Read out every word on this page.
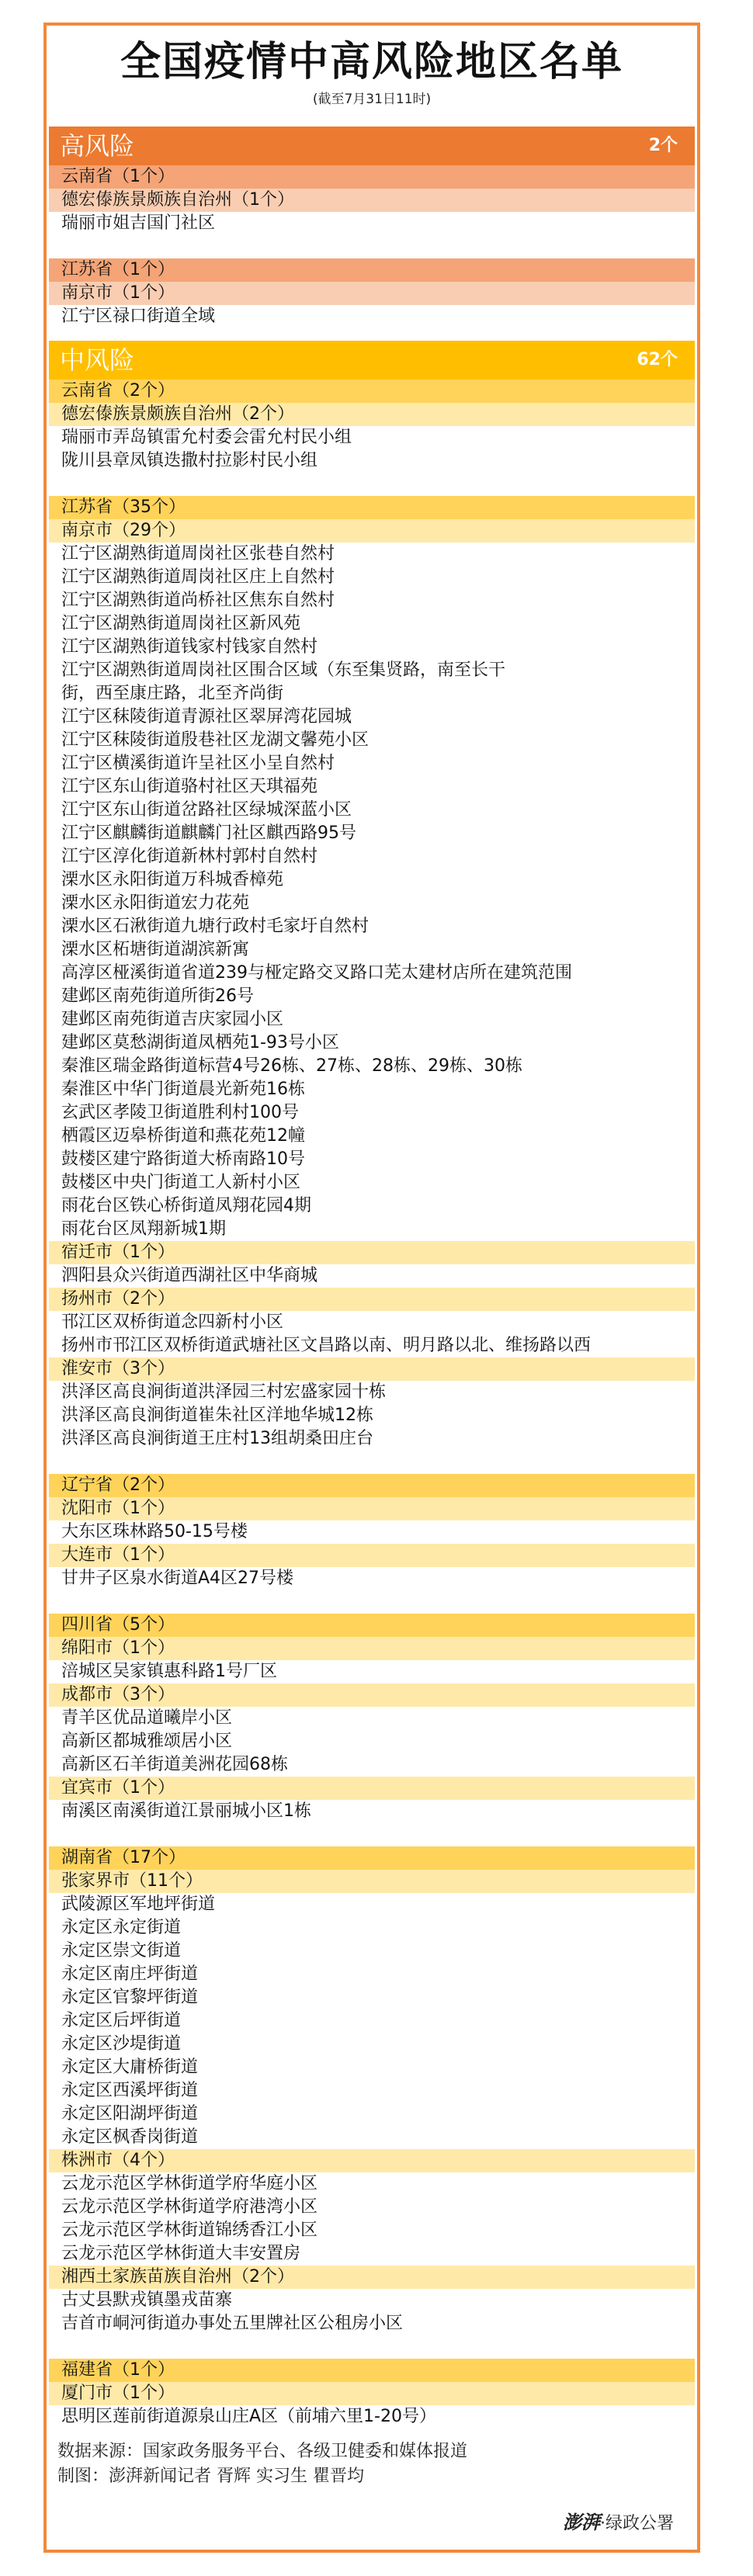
全国疫情中高风险地区名单
(截至7月31日11时)
高风险	2个
云南省（1个）
德宏傣族景颇族自治州（1个）
瑞丽市姐吉国门社区
江苏省（1个）
南京市（1个）
江宁区禄口街道全域
中风险	62个
云南省（2个）
德宏傣族景颇族自治州（2个）
瑞丽市弄岛镇雷允村委会雷允村民小组
陇川县章凤镇迭撒村拉影村民小组
江苏省（35个）
南京市（29个）
江宁区湖熟街道周岗社区张巷自然村
江宁区湖熟街道周岗社区庄上自然村
江宁区湖熟街道尚桥社区焦东自然村
江宁区湖熟街道周岗社区新风苑
江宁区湖熟街道钱家村钱家自然村
江宁区湖熟街道周岗社区围合区域（东至集贤路，南至长干
街，西至康庄路，北至齐尚街
江宁区秣陵街道青源社区翠屏湾花园城
江宁区秣陵街道殷巷社区龙湖文馨苑小区
江宁区横溪街道许呈社区小呈自然村
江宁区东山街道骆村社区天琪福苑
江宁区东山街道岔路社区绿城深蓝小区
江宁区麒麟街道麒麟门社区麒西路95号
江宁区淳化街道新林村郭村自然村
溧水区永阳街道万科城香樟苑
溧水区永阳街道宏力花苑
溧水区石湫街道九塘行政村毛家圩自然村
溧水区柘塘街道湖滨新寓
高淳区桠溪街道省道239与桠定路交叉路口芜太建材店所在建筑范围
建邺区南苑街道所街26号
建邺区南苑街道吉庆家园小区
建邺区莫愁湖街道凤栖苑1-93号小区
秦淮区瑞金路街道标营4号26栋、27栋、28栋、29栋、30栋
秦淮区中华门街道晨光新苑16栋
玄武区孝陵卫街道胜利村100号
栖霞区迈皋桥街道和燕花苑12幢
鼓楼区建宁路街道大桥南路10号
鼓楼区中央门街道工人新村小区
雨花台区铁心桥街道凤翔花园4期
雨花台区凤翔新城1期
宿迁市（1个）
泗阳县众兴街道西湖社区中华商城
扬州市（2个）
邗江区双桥街道念四新村小区
扬州市邗江区双桥街道武塘社区文昌路以南、明月路以北、维扬路以西
淮安市（3个）
洪泽区高良涧街道洪泽园三村宏盛家园十栋
洪泽区高良涧街道崔朱社区洋地华城12栋
洪泽区高良涧街道王庄村13组胡桑田庄台
辽宁省（2个）
沈阳市（1个）
大东区珠林路50-15号楼
大连市（1个）
甘井子区泉水街道A4区27号楼
四川省（5个）
绵阳市（1个）
涪城区吴家镇惠科路1号厂区
成都市（3个）
青羊区优品道曦岸小区
高新区都城雅颂居小区
高新区石羊街道美洲花园68栋
宜宾市（1个）
南溪区南溪街道江景丽城小区1栋
湖南省（17个）
张家界市（11个）
武陵源区军地坪街道
永定区永定街道
永定区崇文街道
永定区南庄坪街道
永定区官黎坪街道
永定区后坪街道
永定区沙堤街道
永定区大庸桥街道
永定区西溪坪街道
永定区阳湖坪街道
永定区枫香岗街道
株洲市（4个）
云龙示范区学林街道学府华庭小区
云龙示范区学林街道学府港湾小区
云龙示范区学林街道锦绣香江小区
云龙示范区学林街道大丰安置房
湘西土家族苗族自治州（2个）
古丈县默戎镇墨戎苗寨
吉首市峒河街道办事处五里牌社区公租房小区
福建省（1个）
厦门市（1个）
思明区莲前街道源泉山庄A区（前埔六里1-20号）
数据来源：国家政务服务平台、各级卫健委和媒体报道
制图：澎湃新闻记者 胥辉 实习生 瞿晋均
澎湃·绿政公署
